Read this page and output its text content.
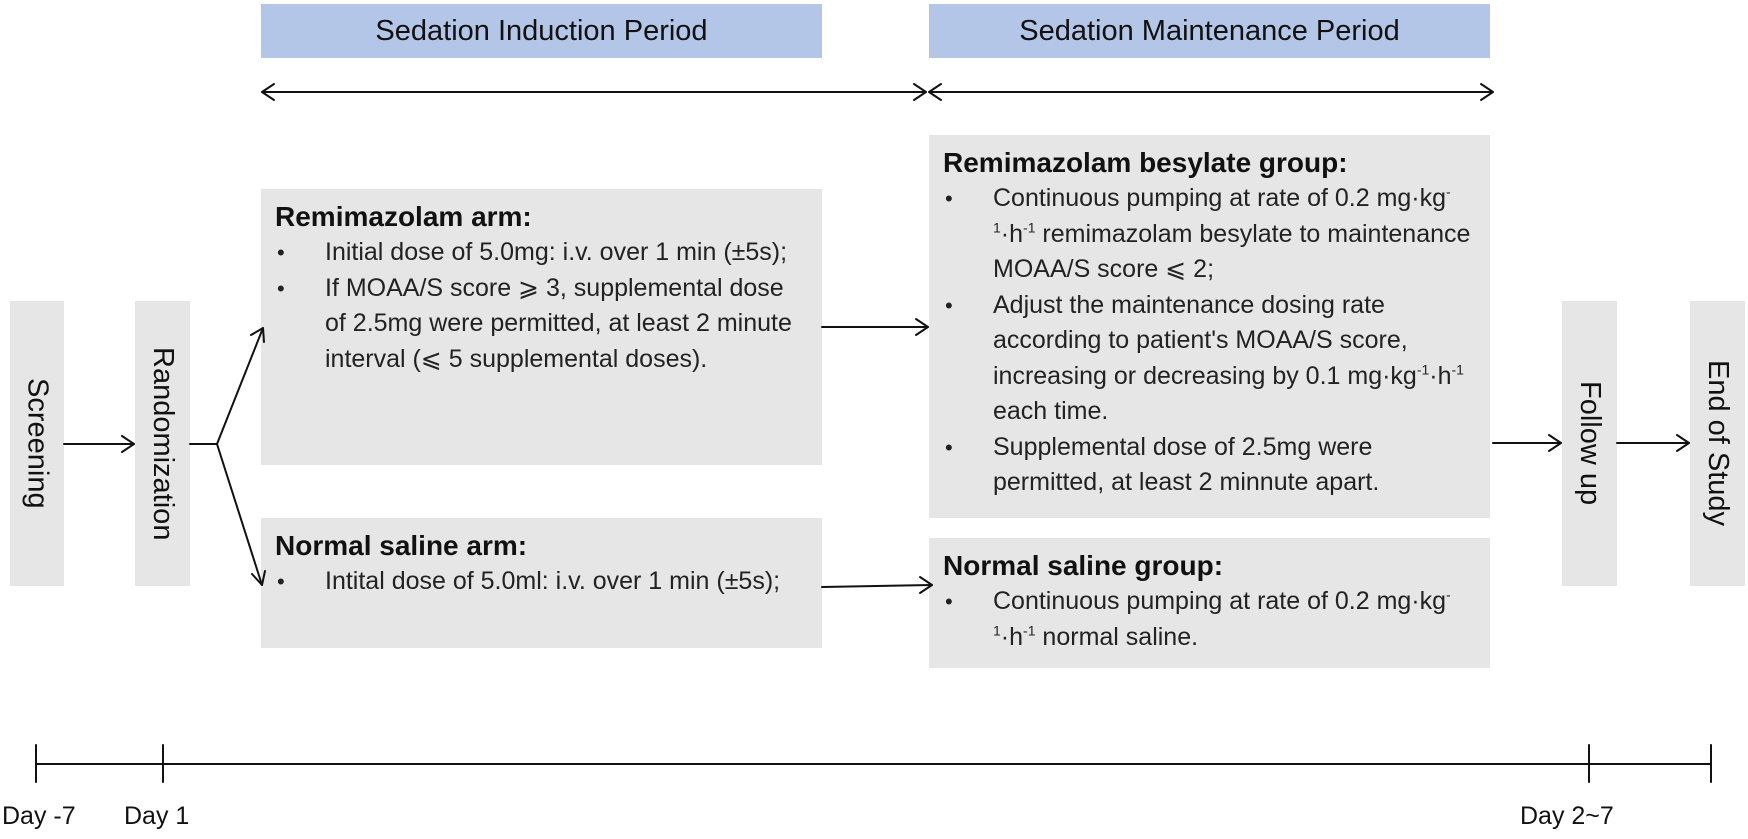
Sedation Induction Period	Sedation Maintenance Period
Screening	Randomization	Follow up	End of Study
Remimazolam arm:
• Initial dose of 5.0mg: i.v. over 1 min (±5s);
• If MOAA/S score ⩾ 3, supplemental dose of 2.5mg were permitted, at least 2 minute interval (⩽ 5 supplemental doses).
Normal saline arm:
• Intital dose of 5.0ml: i.v. over 1 min (±5s);
Remimazolam besylate group:
• Continuous pumping at rate of 0.2 $mg\cdot kg^{-1}\cdot h^{-1}$ remimazolam besylate to maintenance MOAA/S score ⩽ 2;
• Adjust the maintenance dosing rate according to patient's MOAA/S score, increasing or decreasing by 0.1 $mg\cdot kg^{-1}\cdot h^{-1}$ each time.
• Supplemental dose of 2.5mg were permitted, at least 2 minnute apart.
Normal saline group:
• Continuous pumping at rate of 0.2 $mg\cdot kg^{-1}\cdot h^{-1}$ normal saline.
Day -7 Day 1	Day 2~7
